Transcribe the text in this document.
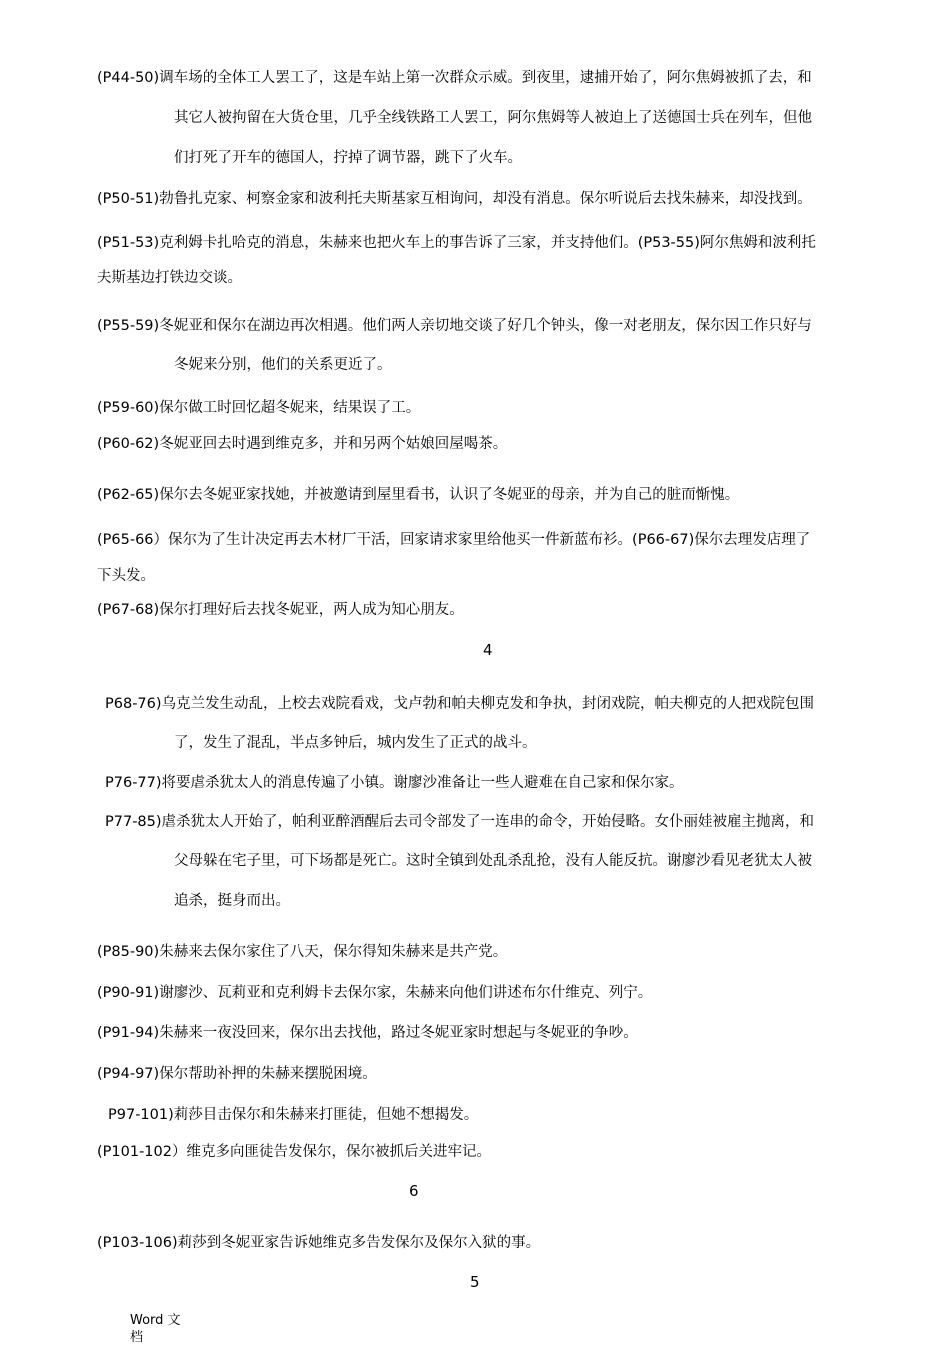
(P44-50)调车场的全体工人罢工了，这是车站上第一次群众示威。到夜里，逮捕开始了，阿尔焦姆被抓了去，和
其它人被拘留在大货仓里，几乎全线铁路工人罢工，阿尔焦姆等人被迫上了送德国士兵在列车，但他
们打死了开车的德国人，拧掉了调节器，跳下了火车。
(P50-51)勃鲁扎克家、柯察金家和波利托夫斯基家互相询问，却没有消息。保尔听说后去找朱赫来，却没找到。
(P51-53)克利姆卡扎哈克的消息，朱赫来也把火车上的事告诉了三家，并支持他们。(P53-55)阿尔焦姆和波利托
夫斯基边打铁边交谈。
(P55-59)冬妮亚和保尔在湖边再次相遇。他们两人亲切地交谈了好几个钟头，像一对老朋友，保尔因工作只好与
冬妮来分别，他们的关系更近了。
(P59-60)保尔做工时回忆超冬妮来，结果误了工。
(P60-62)冬妮亚回去时遇到维克多，并和另两个姑娘回屋喝茶。
(P62-65)保尔去冬妮亚家找她，并被邀请到屋里看书，认识了冬妮亚的母亲，并为自己的脏而惭愧。
(P65-66）保尔为了生计决定再去木材厂干活，回家请求家里给他买一件新蓝布衫。(P66-67)保尔去理发店理了
下头发。
(P67-68)保尔打理好后去找冬妮亚，两人成为知心朋友。
4
P68-76)乌克兰发生动乱，上校去戏院看戏，戈卢勃和帕夫柳克发和争执，封闭戏院，帕夫柳克的人把戏院包围
了，发生了混乱，半点多钟后，城内发生了正式的战斗。
P76-77)将要虐杀犹太人的消息传遍了小镇。谢廖沙准备让一些人避难在自己家和保尔家。
P77-85)虐杀犹太人开始了，帕利亚醉酒醒后去司令部发了一连串的命令，开始侵略。女仆丽娃被雇主抛离，和
父母躲在宅子里，可下场都是死亡。这时全镇到处乱杀乱抢，没有人能反抗。谢廖沙看见老犹太人被
追杀，挺身而出。
(P85-90)朱赫来去保尔家住了八天，保尔得知朱赫来是共产党。
(P90-91)谢廖沙、瓦莉亚和克利姆卡去保尔家，朱赫来向他们讲述布尔什维克、列宁。
(P91-94)朱赫来一夜没回来，保尔出去找他，路过冬妮亚家时想起与冬妮亚的争吵。
(P94-97)保尔帮助补押的朱赫来摆脱困境。
P97-101)莉莎目击保尔和朱赫来打匪徒，但她不想揭发。
(P101-102）维克多向匪徒告发保尔，保尔被抓后关进牢记。
6
(P103-106)莉莎到冬妮亚家告诉她维克多告发保尔及保尔入狱的事。
5
Word 文档
